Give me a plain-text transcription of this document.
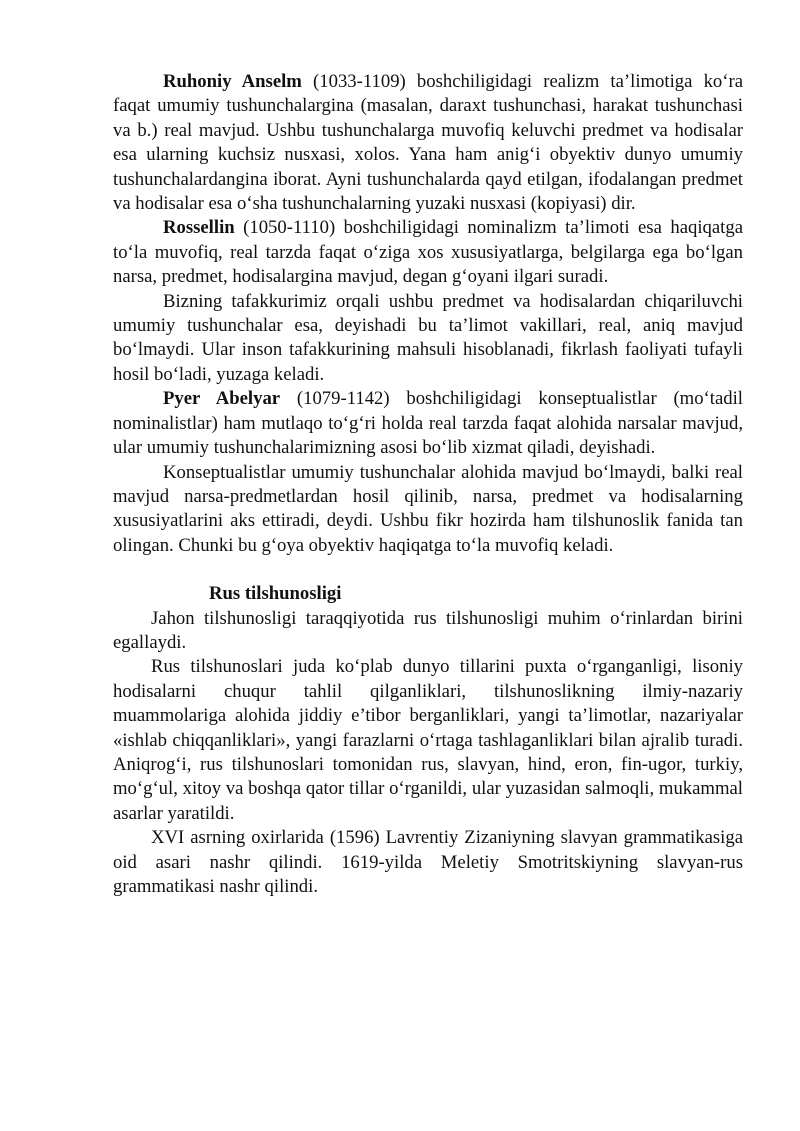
Ruhoniy Anselm (1033-1109) boshchiligidagi realizm ta’limotiga ko‘ra faqat umumiy tushunchalargina (masalan, daraxt tushunchasi, harakat tushunchasi va b.) real mavjud. Ushbu tushunchalarga muvofiq keluvchi predmet va hodisalar esa ularning kuchsiz nusxasi, xolos. Yana ham anig‘i obyektiv dunyo umumiy tushunchalardangina iborat. Ayni tushunchalarda qayd etilgan, ifodalangan predmet va hodisalar esa o‘sha tushunchalarning yuzaki nusxasi (kopiyasi) dir.

Rossellin (1050-1110) boshchiligidagi nominalizm ta’limoti esa haqiqatga to‘la muvofiq, real tarzda faqat o‘ziga xos xususiyatlarga, belgilarga ega bo‘lgan narsa, predmet, hodisalargina mavjud, degan g‘oyani ilgari suradi.

Bizning tafakkurimiz orqali ushbu predmet va hodisalardan chiqariluvchi umumiy tushunchalar esa, deyishadi bu ta’limot vakillari, real, aniq mavjud bo‘lmaydi. Ular inson tafakkurining mahsuli hisoblanadi, fikrlash faoliyati tufayli hosil bo‘ladi, yuzaga keladi.

Pyer Abelyar (1079-1142) boshchiligidagi konseptualistlar (mo‘tadil nominalistlar) ham mutlaqo to‘g‘ri holda real tarzda faqat alohida narsalar mavjud, ular umumiy tushunchalarimizning asosi bo‘lib xizmat qiladi, deyishadi.

Konseptualistlar umumiy tushunchalar alohida mavjud bo‘lmaydi, balki real mavjud narsa-predmetlardan hosil qilinib, narsa, predmet va hodisalarning xususiyatlarini aks ettiradi, deydi. Ushbu fikr hozirda ham tilshunoslik fanida tan olingan. Chunki bu g‘oya obyektiv haqiqatga to‘la muvofiq keladi.

Rus tilshunosligi

Jahon tilshunosligi taraqqiyotida rus tilshunosligi muhim o‘rinlardan birini egallaydi.

Rus tilshunoslari juda ko‘plab dunyo tillarini puxta o‘rganganligi, lisoniy hodisalarni chuqur tahlil qilganliklari, tilshunoslikning ilmiy-nazariy muammolariga alohida jiddiy e’tibor berganliklari, yangi ta’limotlar, nazariyalar «ishlab chiqqanliklari», yangi farazlarni o‘rtaga tashlaganliklari bilan ajralib turadi. Aniqrog‘i, rus tilshunoslari tomonidan rus, slavyan, hind, eron, fin-ugor, turkiy, mo‘g‘ul, xitoy va boshqa qator tillar o‘rganildi, ular yuzasidan salmoqli, mukammal asarlar yaratildi.

XVI asrning oxirlarida (1596) Lavrentiy Zizaniyning slavyan grammatikasiga oid asari nashr qilindi. 1619-yilda Meletiy Smotritskiyning slavyan-rus grammatikasi nashr qilindi.
